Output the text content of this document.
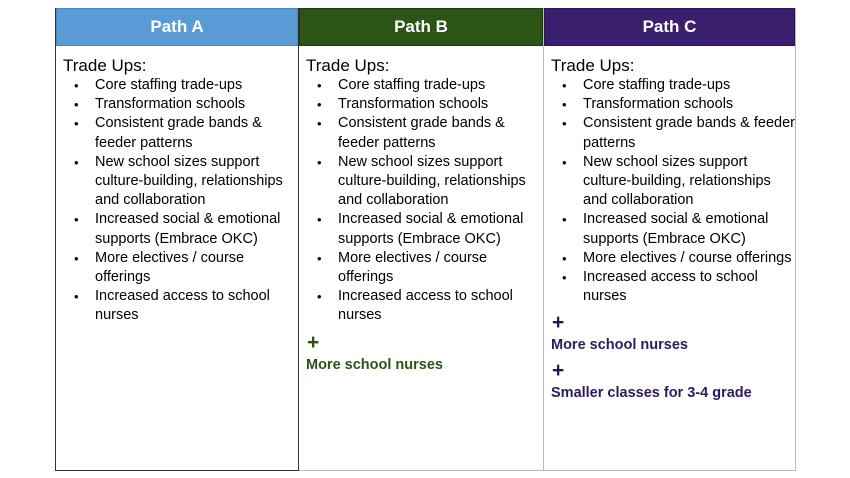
Path A
Trade Ups:
• Core staffing trade-ups
• Transformation schools
• Consistent grade bands & feeder patterns
• New school sizes support culture-building, relationships and collaboration
• Increased social & emotional supports (Embrace OKC)
• More electives / course offerings
• Increased access to school nurses
Path B
Trade Ups:
• Core staffing trade-ups
• Transformation schools
• Consistent grade bands & feeder patterns
• New school sizes support culture-building, relationships and collaboration
• Increased social & emotional supports (Embrace OKC)
• More electives / course offerings
• Increased access to school nurses
+
More school nurses
Path C
Trade Ups:
• Core staffing trade-ups
• Transformation schools
• Consistent grade bands & feeder patterns
• New school sizes support culture-building, relationships and collaboration
• Increased social & emotional supports (Embrace OKC)
• More electives / course offerings
• Increased access to school nurses
+
More school nurses
+
Smaller classes for 3-4 grade
